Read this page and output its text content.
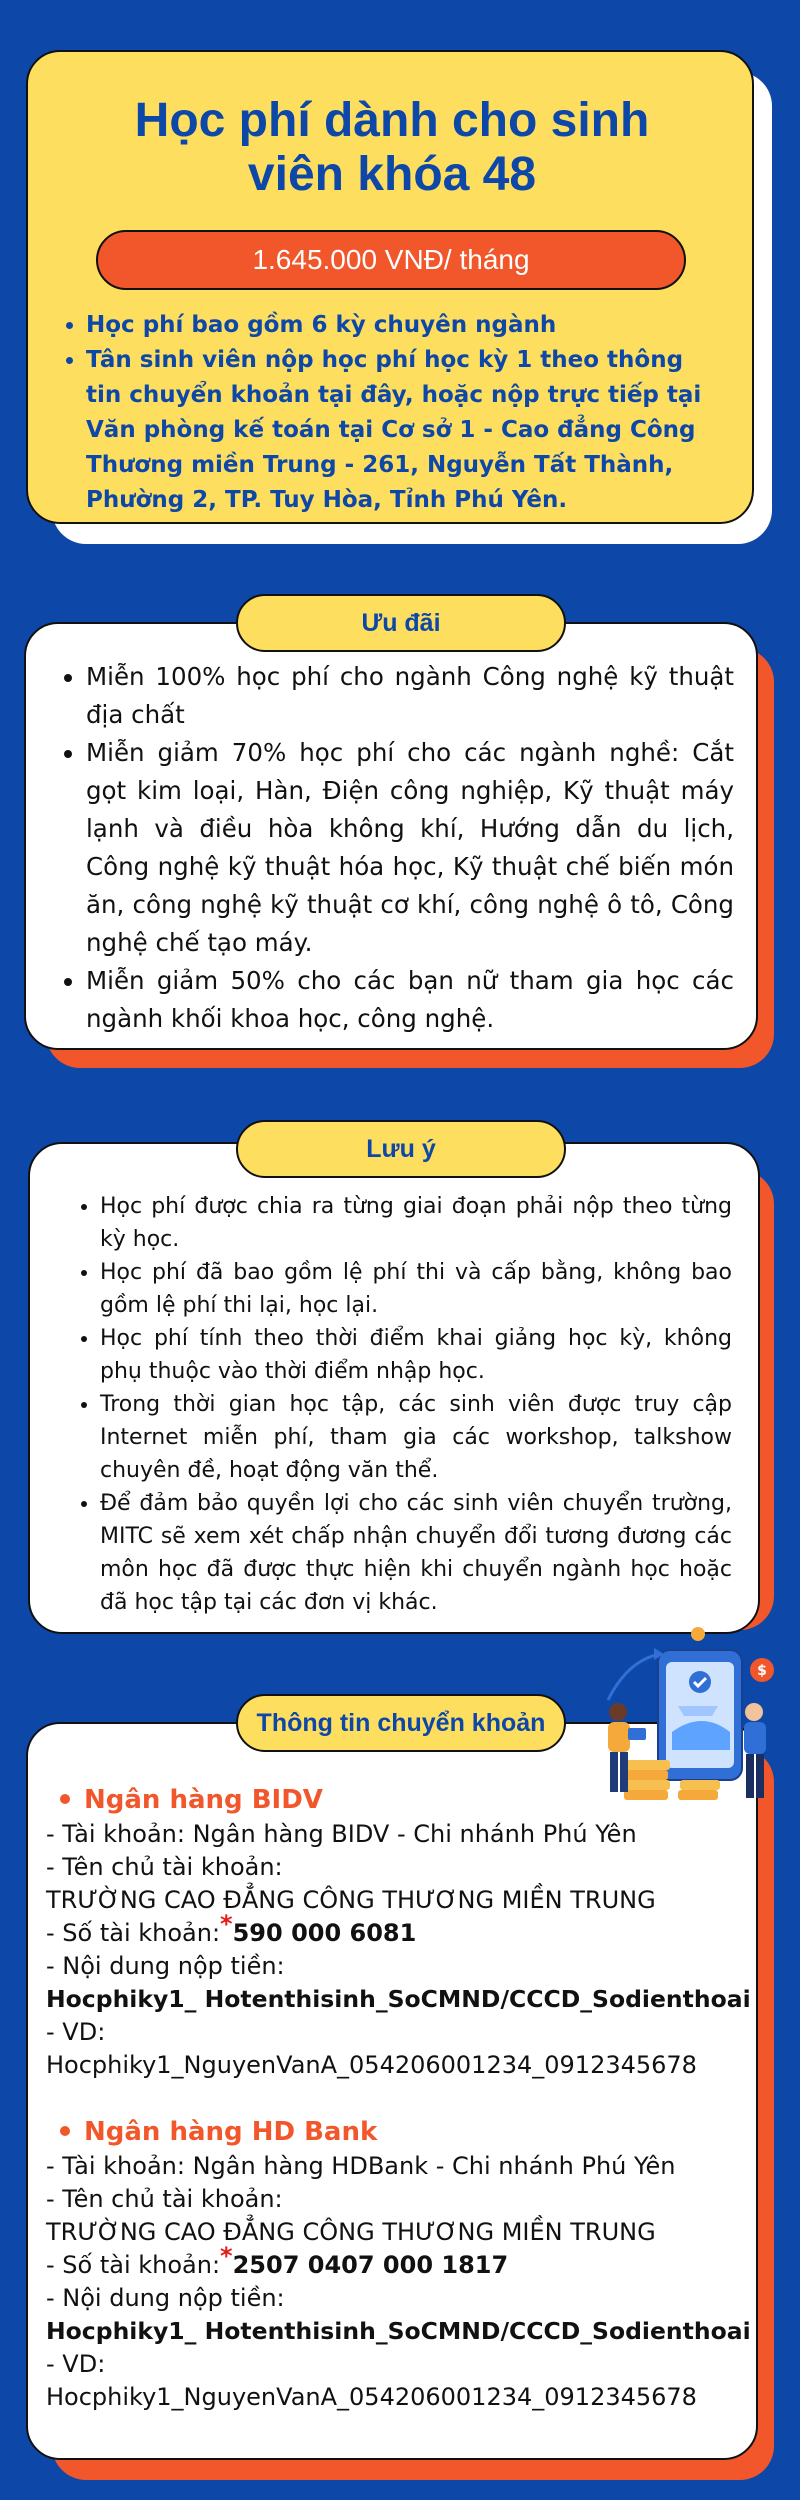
Học phí dành cho sinh viên khóa 48
1.645.000 VNĐ/ tháng
• Học phí bao gồm 6 kỳ chuyên ngành
• Tân sinh viên nộp học phí học kỳ 1 theo thông tin chuyển khoản tại đây, hoặc nộp trực tiếp tại Văn phòng kế toán tại Cơ sở 1 - Cao đẳng Công Thương miền Trung - 261, Nguyễn Tất Thành, Phường 2, TP. Tuy Hòa, Tỉnh Phú Yên.
• Miễn 100% học phí cho ngành Công nghệ kỹ thuật địa chất
• Miễn giảm 70% học phí cho các ngành nghề: Cắt gọt kim loại, Hàn, Điện công nghiệp, Kỹ thuật máy lạnh và điều hòa không khí, Hướng dẫn du lịch, Công nghệ kỹ thuật hóa học, Kỹ thuật chế biến món ăn, công nghệ kỹ thuật cơ khí, công nghệ ô tô, Công nghệ chế tạo máy.
• Miễn giảm 50% cho các bạn nữ tham gia học các ngành khối khoa học, công nghệ.
Ưu đãi
• Học phí được chia ra từng giai đoạn phải nộp theo từng kỳ học.
• Học phí đã bao gồm lệ phí thi và cấp bằng, không bao gồm lệ phí thi lại, học lại.
• Học phí tính theo thời điểm khai giảng học kỳ, không phụ thuộc vào thời điểm nhập học.
• Trong thời gian học tập, các sinh viên được truy cập Internet miễn phí, tham gia các workshop, talkshow chuyên đề, hoạt động văn thể.
• Để đảm bảo quyền lợi cho các sinh viên chuyển trường, MITC sẽ xem xét chấp nhận chuyển đổi tương đương các môn học đã được thực hiện khi chuyển ngành học hoặc đã học tập tại các đơn vị khác.
Lưu ý
Ngân hàng BIDV
- Tài khoản: Ngân hàng BIDV - Chi nhánh Phú Yên
- Tên chủ tài khoản:
TRƯỜNG CAO ĐẲNG CÔNG THƯƠNG MIỀN TRUNG
- Số tài khoản:*590 000 6081
- Nội dung nộp tiền:
Hocphiky1_ Hotenthisinh_SoCMND/CCCD_Sodienthoai
- VD:
Hocphiky1_NguyenVanA_054206001234_0912345678
Ngân hàng HD Bank
- Tài khoản: Ngân hàng HDBank - Chi nhánh Phú Yên
- Tên chủ tài khoản:
TRƯỜNG CAO ĐẲNG CÔNG THƯƠNG MIỀN TRUNG
- Số tài khoản:*2507 0407 000 1817
- Nội dung nộp tiền:
Hocphiky1_ Hotenthisinh_SoCMND/CCCD_Sodienthoai
- VD:
Hocphiky1_NguyenVanA_054206001234_0912345678
Thông tin chuyển khoản
$
